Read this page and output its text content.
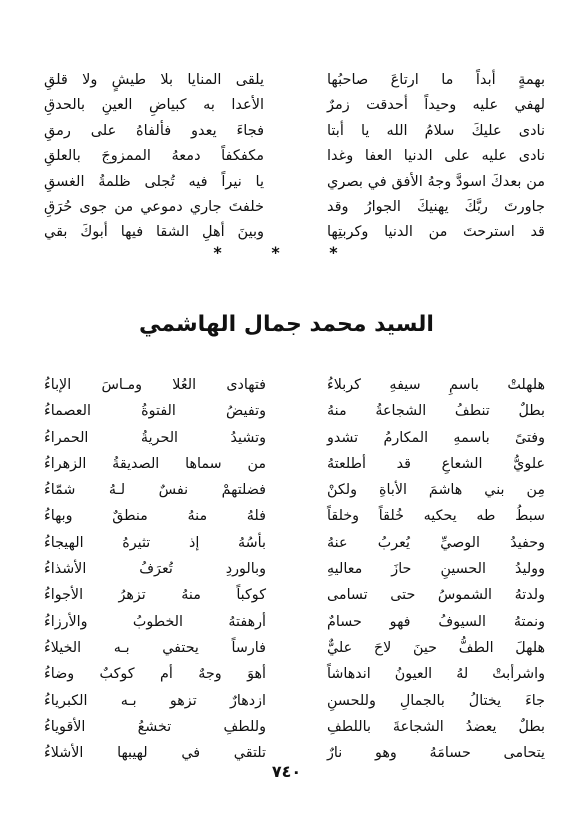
بهمةٍ أبداً ما ارتاعَ صاحبُها
لهفي عليه وحيداً أحدقت زمرٌ
نادى عليكَ سلامُ الله يا أبتا
نادى عليه على الدنيا العفا وغدا
من بعدكَ اسودَّ وجهُ الأفق في بصري
جاورتَ ربَّكَ يهنيكَ الجوارُ وقد
قد استرحتَ من الدنيا وكربتِها
يلقى المنايا بلا طيشٍ ولا قلقِ
الأعدا به كبياضِ العينِ بالحدقِ
فجاءَ يعدو فألفاهُ على رمقِ
مكفكفاً دمعهُ الممزوجَ بالعلقِ
يا نيراً فيه تُجلى ظلمةُ الغسقِ
خلفتَ جاري دموعي من جوى حُرَقِ
وبينَ أهلِ الشقا فيها أبوكَ بقي
* * *
السيد محمد جمال الهاشمي
هلهلتْ باسمِ سيفهِ كربلاءُ
بطلٌ تنطفُ الشجاعةُ منهُ
وفتىً باسمهِ المكارمُ تشدو
علويُّ الشعاعِ قد أطلعتهُ
مِن بني هاشمَ الأباةِ ولكنْ
سبطُ طه يحكيه خُلقاً وخلقاً
وحفيدُ الوصيِّ يُعربُ عنهُ
ووليدُ الحسينِ حازَ معاليهِ
ولدتهُ الشموسُ حتى تسامى
ونمتهُ السيوفُ فهو حسامٌ
هلهلَ الطفُّ حينَ لاحَ عليٌّ
واشرأبتْ لهُ العيونُ اندهاشاً
جاءَ يختالُ بالجمالِ وللحسنِ
بطلٌ يعضدُ الشجاعةَ باللطفِ
يتحامى حسامَهُ وهو نارٌ
فتهادى العُلا ومـاسَ الإباءُ
وتفيضُ الفتوةُ العصماءُ
وتشيدُ الحريةُ الحمراءُ
من سماها الصديقةُ الزهراءُ
فضلتهمْ نفسٌ لـهُ شمّاءُ
فلهُ منهُ منطقٌ وبهاءُ
بأسُهُ إذ تثيرهُ الهيجاءُ
وبالوردِ تُعرَفُ الأشذاءُ
كوكباً منهُ تزهرُ الأجواءُ
أرهفتهُ الخطوبُ والأرزاءُ
فارساً يحتفي بـه الخيلاءُ
أهوَ وجهٌ أم كوكبٌ وضاءُ
ازدهارٌ تزهو بـه الكبرياءُ
وللطفِ تخشعُ الأقوياءُ
تلتقي في لهيبها الأشلاءُ
٧٤٠
